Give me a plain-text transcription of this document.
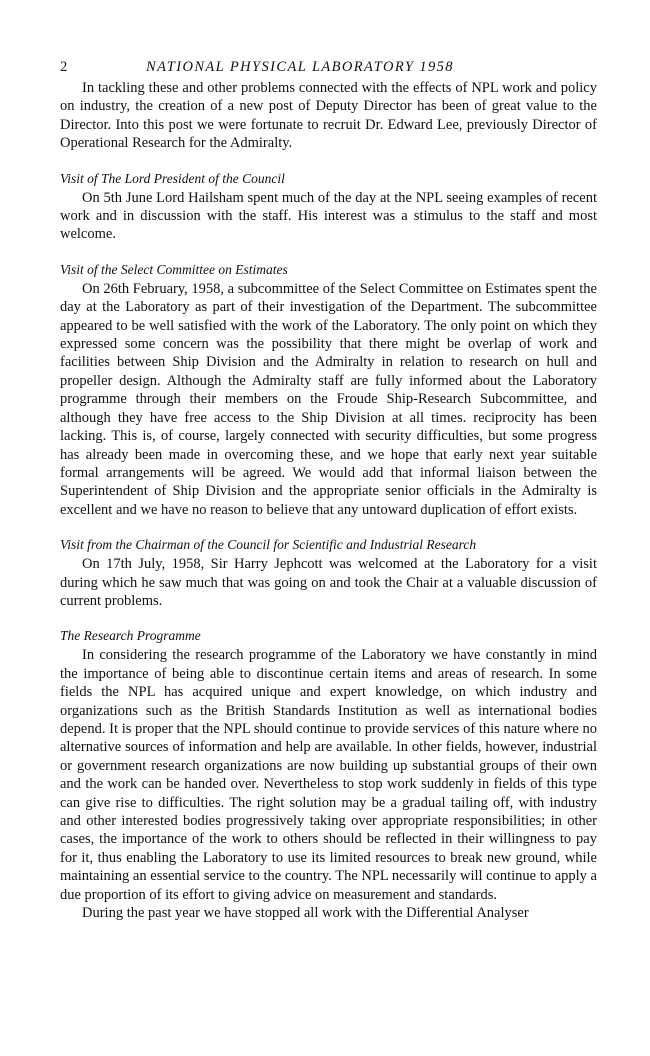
2	NATIONAL PHYSICAL LABORATORY 1958

In tackling these and other problems connected with the effects of NPL work and policy on industry, the creation of a new post of Deputy Director has been of great value to the Director. Into this post we were fortunate to recruit Dr. Edward Lee, previously Director of Operational Research for the Admiralty.

Visit of The Lord President of the Council

On 5th June Lord Hailsham spent much of the day at the NPL seeing examples of recent work and in discussion with the staff. His interest was a stimulus to the staff and most welcome.

Visit of the Select Committee on Estimates

On 26th February, 1958, a subcommittee of the Select Committee on Estimates spent the day at the Laboratory as part of their investigation of the Department. The subcommittee appeared to be well satisfied with the work of the Laboratory. The only point on which they expressed some concern was the possibility that there might be overlap of work and facilities between Ship Division and the Admiralty in relation to research on hull and propeller design. Although the Admiralty staff are fully informed about the Laboratory programme through their members on the Froude Ship-Research Subcommittee, and although they have free access to the Ship Division at all times. reciprocity has been lacking. This is, of course, largely connected with security difficulties, but some progress has already been made in overcoming these, and we hope that early next year suitable formal arrangements will be agreed. We would add that informal liaison between the Superintendent of Ship Division and the appropriate senior officials in the Admiralty is excellent and we have no reason to believe that any untoward duplication of effort exists.

Visit from the Chairman of the Council for Scientific and Industrial Research

On 17th July, 1958, Sir Harry Jephcott was welcomed at the Laboratory for a visit during which he saw much that was going on and took the Chair at a valuable discussion of current problems.

The Research Programme

In considering the research programme of the Laboratory we have constantly in mind the importance of being able to discontinue certain items and areas of research. In some fields the NPL has acquired unique and expert knowledge, on which industry and organizations such as the British Standards Institution as well as international bodies depend. It is proper that the NPL should continue to provide services of this nature where no alternative sources of information and help are available. In other fields, however, industrial or government research organizations are now building up substantial groups of their own and the work can be handed over. Nevertheless to stop work suddenly in fields of this type can give rise to difficulties. The right solution may be a gradual tailing off, with industry and other interested bodies progressively taking over appropriate responsibilities; in other cases, the importance of the work to others should be reflected in their willingness to pay for it, thus enabling the Laboratory to use its limited resources to break new ground, while maintaining an essential service to the country. The NPL necessarily will continue to apply a due proportion of its effort to giving advice on measurement and standards.

During the past year we have stopped all work with the Differential Analyser
